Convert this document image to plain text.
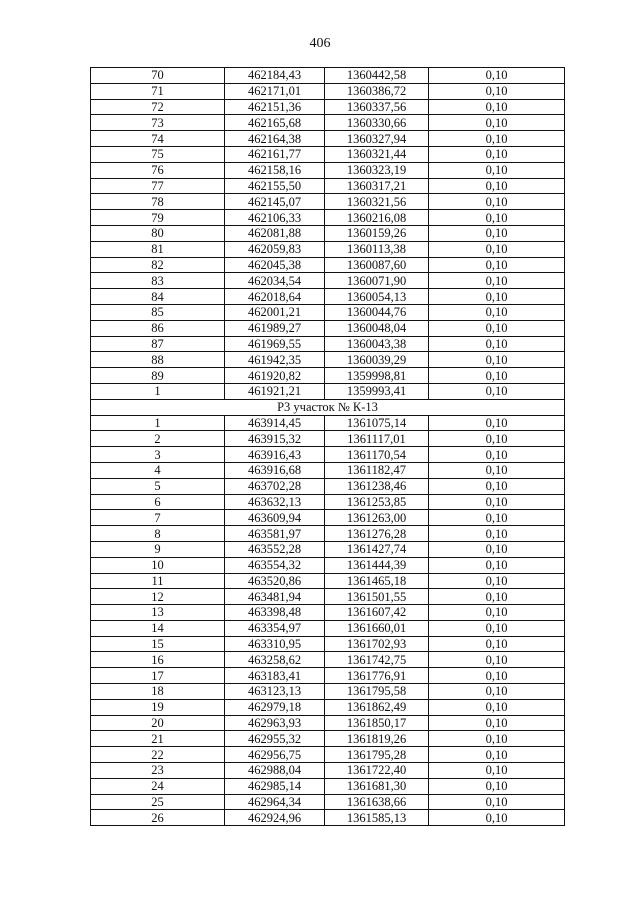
406
70	462184,43	1360442,58	0,10
71	462171,01	1360386,72	0,10
72	462151,36	1360337,56	0,10
73	462165,68	1360330,66	0,10
74	462164,38	1360327,94	0,10
75	462161,77	1360321,44	0,10
76	462158,16	1360323,19	0,10
77	462155,50	1360317,21	0,10
78	462145,07	1360321,56	0,10
79	462106,33	1360216,08	0,10
80	462081,88	1360159,26	0,10
81	462059,83	1360113,38	0,10
82	462045,38	1360087,60	0,10
83	462034,54	1360071,90	0,10
84	462018,64	1360054,13	0,10
85	462001,21	1360044,76	0,10
86	461989,27	1360048,04	0,10
87	461969,55	1360043,38	0,10
88	461942,35	1360039,29	0,10
89	461920,82	1359998,81	0,10
1	461921,21	1359993,41	0,10
Р3 участок № К-13			
1	463914,45	1361075,14	0,10
2	463915,32	1361117,01	0,10
3	463916,43	1361170,54	0,10
4	463916,68	1361182,47	0,10
5	463702,28	1361238,46	0,10
6	463632,13	1361253,85	0,10
7	463609,94	1361263,00	0,10
8	463581,97	1361276,28	0,10
9	463552,28	1361427,74	0,10
10	463554,32	1361444,39	0,10
11	463520,86	1361465,18	0,10
12	463481,94	1361501,55	0,10
13	463398,48	1361607,42	0,10
14	463354,97	1361660,01	0,10
15	463310,95	1361702,93	0,10
16	463258,62	1361742,75	0,10
17	463183,41	1361776,91	0,10
18	463123,13	1361795,58	0,10
19	462979,18	1361862,49	0,10
20	462963,93	1361850,17	0,10
21	462955,32	1361819,26	0,10
22	462956,75	1361795,28	0,10
23	462988,04	1361722,40	0,10
24	462985,14	1361681,30	0,10
25	462964,34	1361638,66	0,10
26	462924,96	1361585,13	0,10
